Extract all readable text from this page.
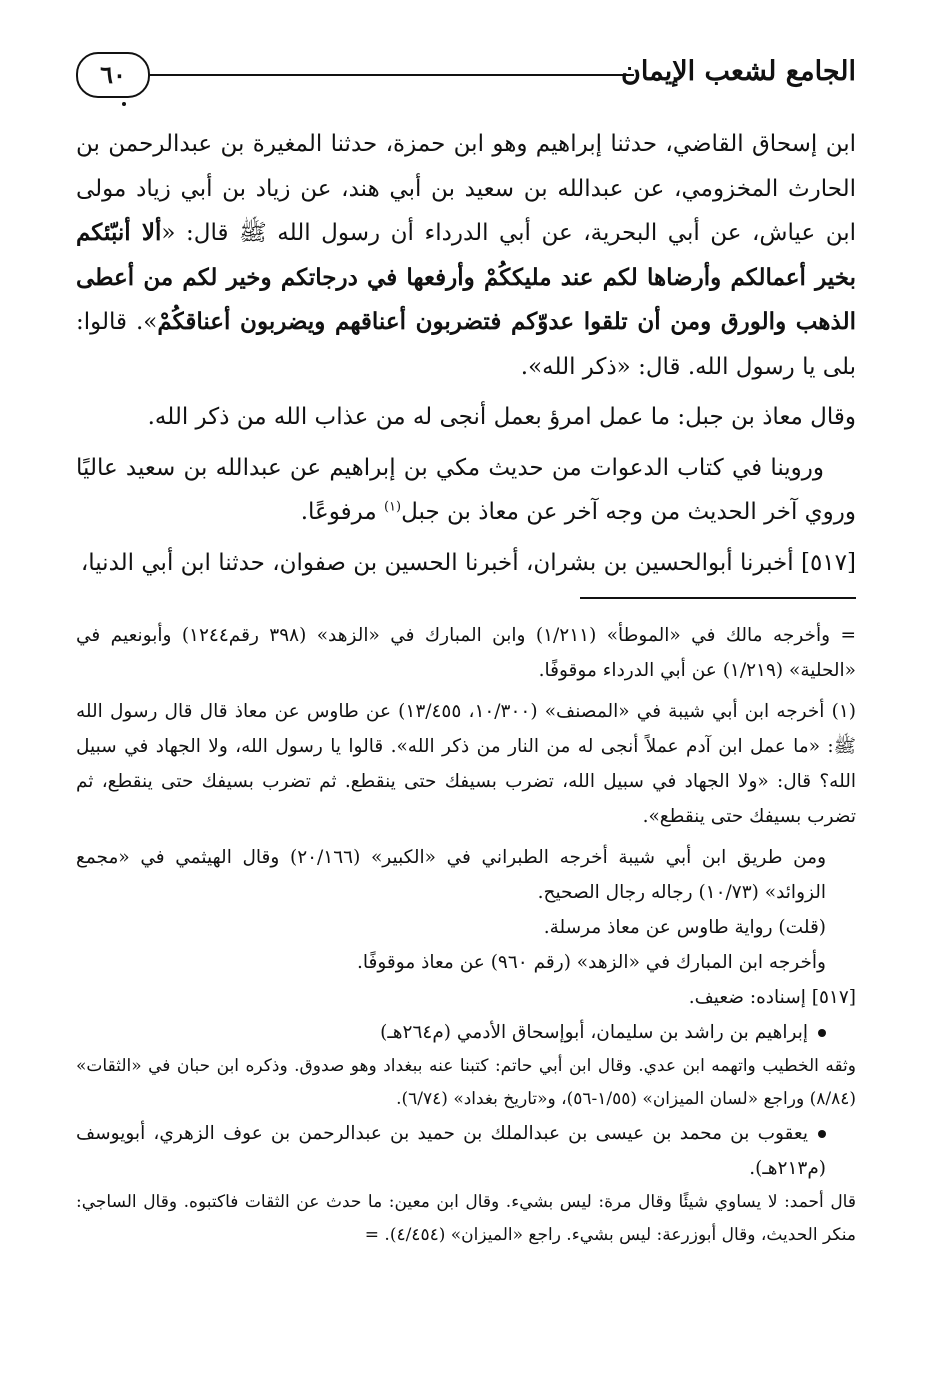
٦٠	الجامع لشعب الإيمان

ابن إسحاق القاضي، حدثنا إبراهيم وهو ابن حمزة، حدثنا المغيرة بن عبدالرحمن بن الحارث المخزومي، عن عبدالله بن سعيد بن أبي هند، عن زياد بن أبي زياد مولى ابن عياش، عن أبي البحرية، عن أبي الدرداء أن رسول الله ﷺ قال: «ألا أنبّئكم بخير أعمالكم وأرضاها لكم عند مليككُمْ وأرفعها في درجاتكم وخير لكم من أعطى الذهب والورق ومن أن تلقوا عدوّكم فتضربون أعناقهم ويضربون أعناقكُمْ». قالوا: بلى يا رسول الله. قال: «ذكر الله».

وقال معاذ بن جبل: ما عمل امرؤ بعمل أنجى له من عذاب الله من ذكر الله.

وروينا في كتاب الدعوات من حديث مكي بن إبراهيم عن عبدالله بن سعيد عاليًا وروي آخر الحديث من وجه آخر عن معاذ بن جبل$^{(١)}$ مرفوعًا.

[٥١٧] أخبرنا أبوالحسين بن بشران، أخبرنا الحسين بن صفوان، حدثنا ابن أبي الدنيا،

= وأخرجه مالك في «الموطأ» (١/٢١١) وابن المبارك في «الزهد» (٣٩٨ رقم١٢٤٤) وأبونعيم في «الحلية» (١/٢١٩) عن أبي الدرداء موقوفًا.

(١) أخرجه ابن أبي شيبة في «المصنف» (١٠/٣٠٠، ١٣/٤٥٥) عن طاوس عن معاذ قال قال رسول الله ﷺ: «ما عمل ابن آدم عملاً أنجى له من النار من ذكر الله». قالوا يا رسول الله، ولا الجهاد في سبيل الله؟ قال: «ولا الجهاد في سبيل الله، تضرب بسيفك حتى ينقطع. ثم تضرب بسيفك حتى ينقطع، ثم تضرب بسيفك حتى ينقطع».

ومن طريق ابن أبي شيبة أخرجه الطبراني في «الكبير» (٢٠/١٦٦) وقال الهيثمي في «مجمع الزوائد» (١٠/٧٣) رجاله رجال الصحيح.

(قلت) رواية طاوس عن معاذ مرسلة.

وأخرجه ابن المبارك في «الزهد» (رقم ٩٦٠) عن معاذ موقوفًا.

[٥١٧] إسناده: ضعيف.

إبراهيم بن راشد بن سليمان، أبوإسحاق الأدمي (م٢٦٤هـ)

وثقه الخطيب واتهمه ابن عدي. وقال ابن أبي حاتم: كتبنا عنه ببغداد وهو صدوق. وذكره ابن حبان في «الثقات» (٨/٨٤) وراجع «لسان الميزان» (١/٥٥-٥٦)، و«تاريخ بغداد» (٦/٧٤).

يعقوب بن محمد بن عيسى بن عبدالملك بن حميد بن عبدالرحمن بن عوف الزهري، أبويوسف (م٢١٣هـ).

قال أحمد: لا يساوي شيئًا وقال مرة: ليس بشيء. وقال ابن معين: ما حدث عن الثقات فاكتبوه. وقال الساجي: منكر الحديث، وقال أبوزرعة: ليس بشيء. راجع «الميزان» (٤/٤٥٤). =
